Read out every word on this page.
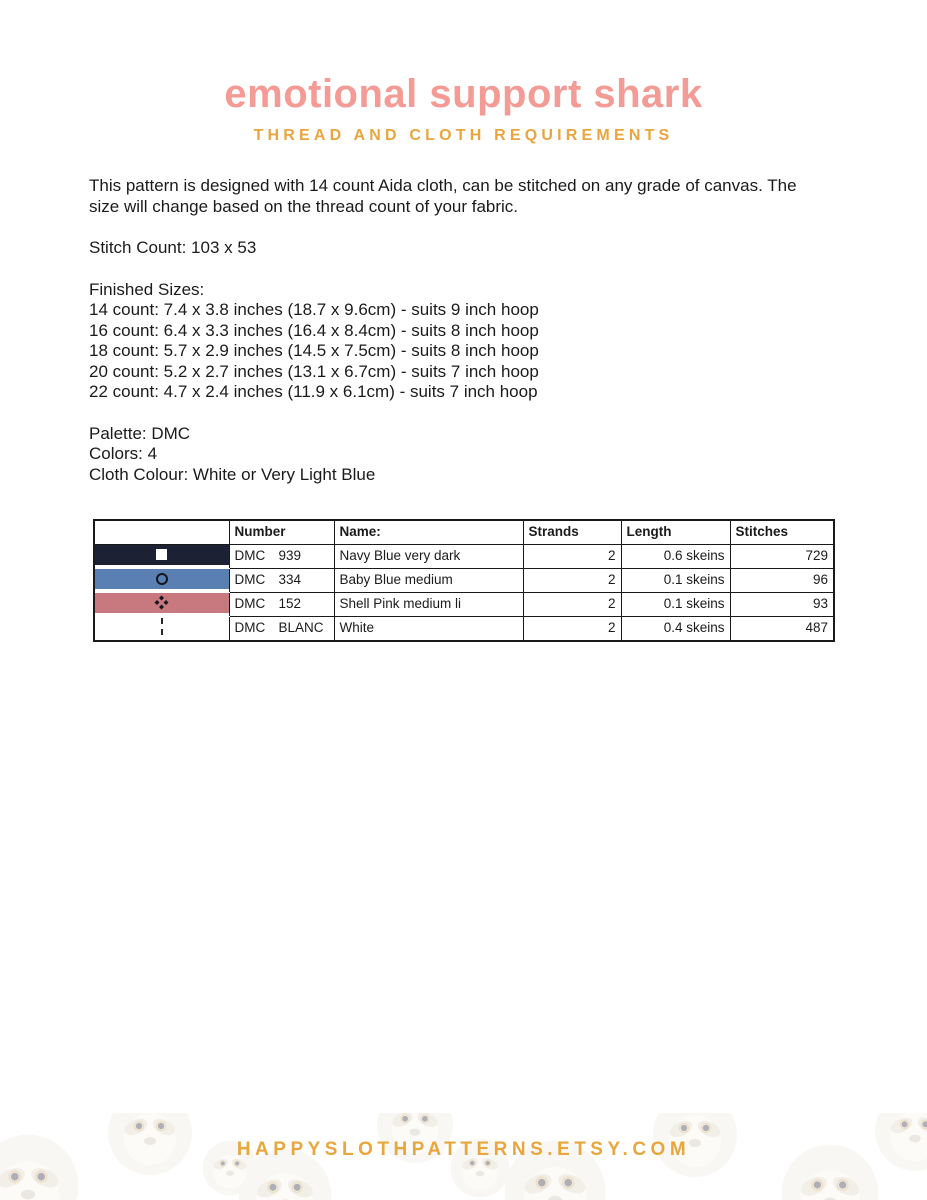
emotional support shark
THREAD AND CLOTH REQUIREMENTS

This pattern is designed with 14 count Aida cloth, can be stitched on any grade of canvas. The size will change based on the thread count of your fabric.

Stitch Count: 103 x 53

Finished Sizes:

14 count: 7.4 x 3.8 inches (18.7 x 9.6cm) - suits 9 inch hoop

16 count: 6.4 x 3.3 inches (16.4 x 8.4cm) - suits 8 inch hoop

18 count: 5.7 x 2.9 inches (14.5 x 7.5cm) - suits 8 inch hoop

20 count: 5.2 x 2.7 inches (13.1 x 6.7cm) - suits 7 inch hoop

22 count: 4.7 x 2.4 inches (11.9 x 6.1cm) - suits 7 inch hoop

Palette: DMC

Colors: 4

Cloth Colour: White or Very Light Blue

	Number	Name:	Strands	Length	Stitches

	DMC 939	Navy Blue very dark	2	0.6 skeins	729

	DMC 334	Baby Blue medium	2	0.1 skeins	96

	DMC 152	Shell Pink medium li	2	0.1 skeins	93

	DMC BLANC	White	2	0.4 skeins	487
HAPPYSLOTHPATTERNS.ETSY.COM
